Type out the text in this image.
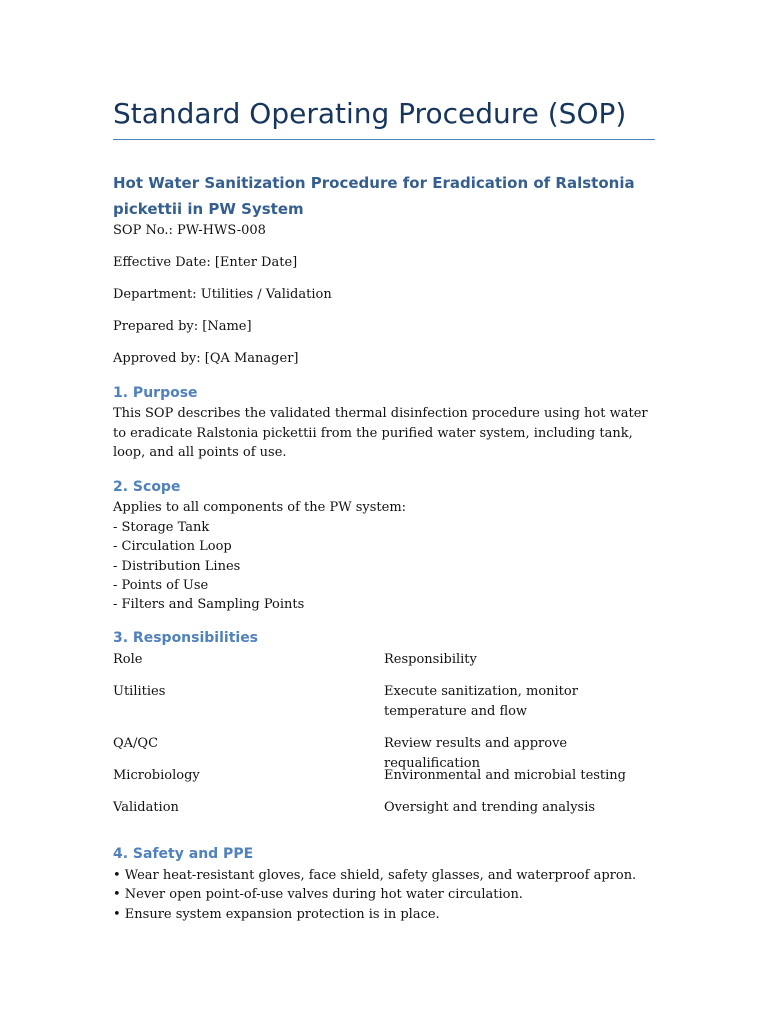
Standard Operating Procedure (SOP)
Hot Water Sanitization Procedure for Eradication of Ralstonia pickettii in PW System
SOP No.: PW-HWS-008
Effective Date: [Enter Date]
Department: Utilities / Validation
Prepared by: [Name]
Approved by: [QA Manager]
1. Purpose
This SOP describes the validated thermal disinfection procedure using hot water to eradicate Ralstonia pickettii from the purified water system, including tank, loop, and all points of use.
2. Scope
Applies to all components of the PW system:
- Storage Tank
- Circulation Loop
- Distribution Lines
- Points of Use
- Filters and Sampling Points
3. Responsibilities
Role	Responsibility
Utilities	Execute sanitization, monitor temperature and flow
QA/QC	Review results and approve requalification
Microbiology	Environmental and microbial testing
Validation	Oversight and trending analysis
4. Safety and PPE
• Wear heat-resistant gloves, face shield, safety glasses, and waterproof apron.
• Never open point-of-use valves during hot water circulation.
• Ensure system expansion protection is in place.
